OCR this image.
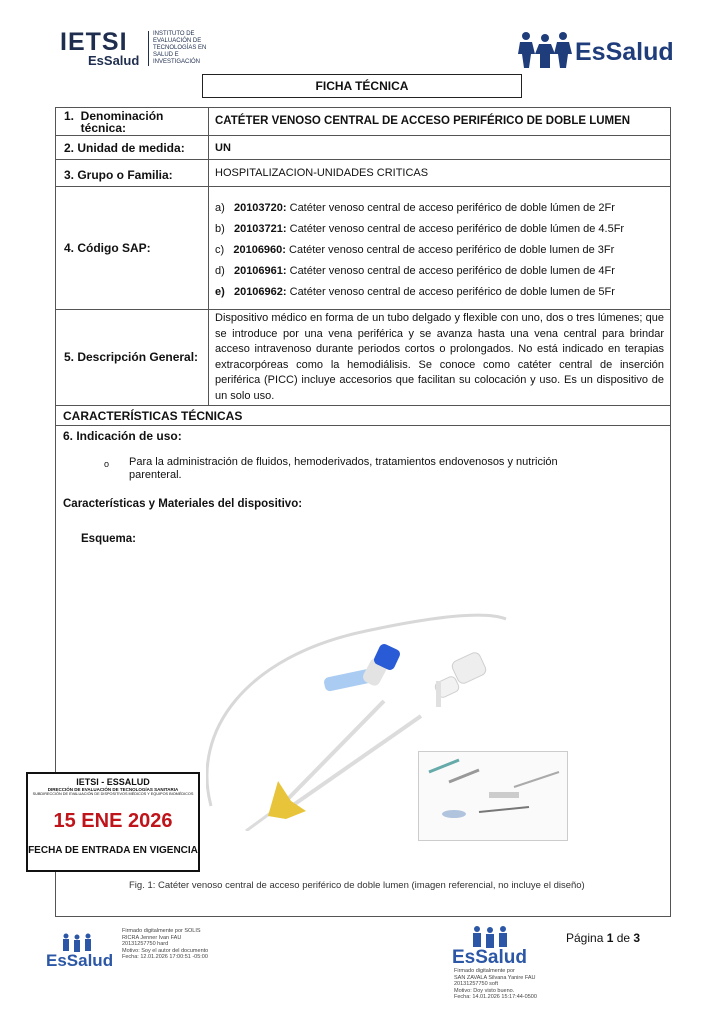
IETSI
EsSalud
INSTITUTO DE
EVALUACIÓN DE
TECNOLOGÍAS EN
SALUD E
INVESTIGACIÓN	EsSalud
FICHA TÉCNICA
1.  Denominación
técnica:	CATÉTER VENOSO CENTRAL DE ACCESO PERIFÉRICO DE DOBLE LUMEN
2. Unidad de medida:	UN
3. Grupo o Familia:	HOSPITALIZACION-UNIDADES CRITICAS
4. Código SAP:
a) 20103720: Catéter venoso central de acceso periférico de doble lúmen de 2Fr
b) 20103721: Catéter venoso central de acceso periférico de doble lúmen de 4.5Fr
c) 20106960: Catéter venoso central de acceso periférico de doble lumen de 3Fr
d) 20106961: Catéter venoso central de acceso periférico de doble lumen de 4Fr
e) 20106962: Catéter venoso central de acceso periférico de doble lumen de 5Fr
5. Descripción General:
Dispositivo médico en forma de un tubo delgado y flexible con uno, dos o tres lúmenes; que se introduce por una vena periférica y se avanza hasta una vena central para brindar acceso intravenoso durante periodos cortos o prolongados. No está indicado en terapias extracorpóreas como la hemodiálisis. Se conoce como catéter central de inserción periférica (PICC) incluye accesorios que facilitan su colocación y uso. Es un dispositivo de un solo uso.
CARACTERÍSTICAS TÉCNICAS
6. Indicación de uso:
o Para la administración de fluidos, hemoderivados, tratamientos endovenosos y nutrición parenteral.
Características y Materiales del dispositivo:
Esquema:
Fig. 1: Catéter venoso central de acceso periférico de doble lumen (imagen referencial, no incluye el diseño)
IETSI - ESSALUD
DIRECCIÓN DE EVALUACIÓN DE TECNOLOGÍAS SANITARIA
SUBDIRECCIÓN DE EVALUACIÓN DE DISPOSITIVOS MÉDICOS Y EQUIPOS BIOMÉDICOS
15 ENE 2026
FECHA DE ENTRADA EN VIGENCIA
EsSalud
Firmado digitalmente por SOLIS
RICRA Jenner Ivan FAU
20131257750 hard
Motivo: Soy el autor del documento
Fecha: 12.01.2026 17:00:51 -05:00	EsSalud
Firmado digitalmente por
SAN ZAVALA Silvana Yanire FAU
20131257750 soft
Motivo: Doy visto bueno.
Fecha: 14.01.2026 15:17:44-0500
Página 1 de 3
